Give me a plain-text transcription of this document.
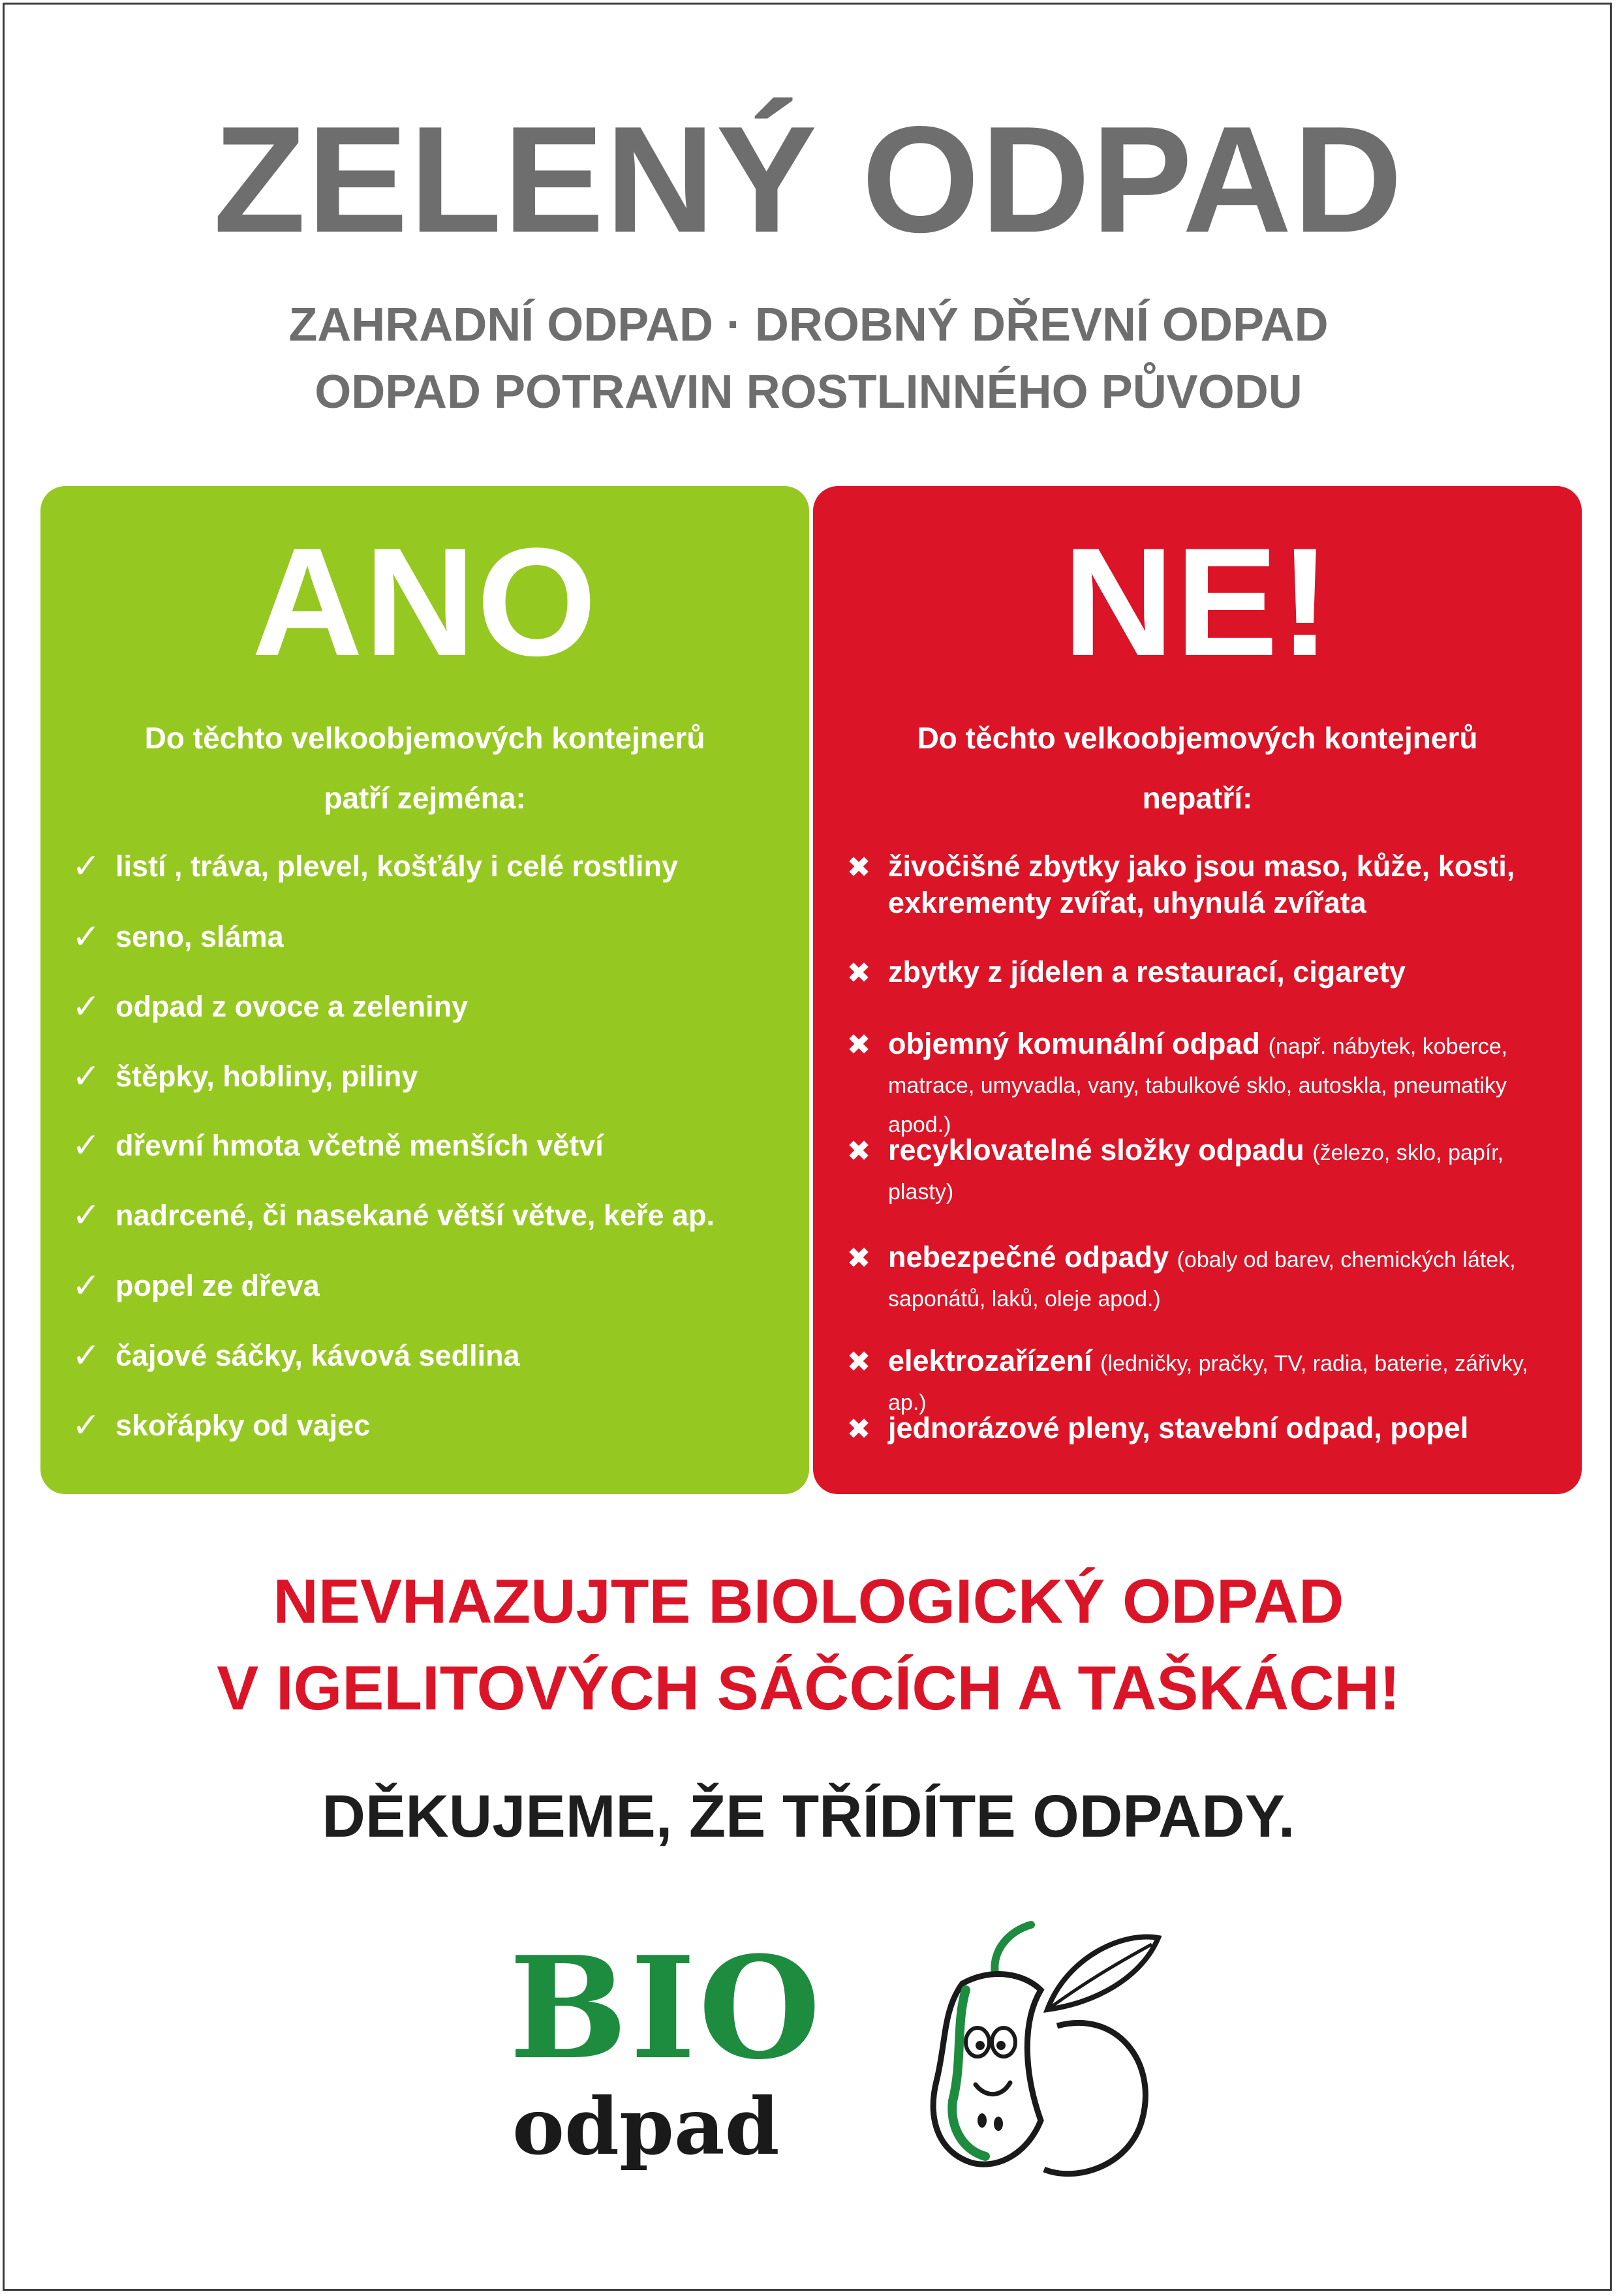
ZELENÝ ODPAD
ZAHRADNÍ ODPAD · DROBNÝ DŘEVNÍ ODPAD
ODPAD POTRAVIN ROSTLINNÉHO PŮVODU
ANO
Do těchto velkoobjemových kontejnerů
patří zejména:
✓ listí , tráva, plevel, košťály i celé rostliny
✓ seno, sláma
✓ odpad z ovoce a zeleniny
✓ štěpky, hobliny, piliny
✓ dřevní hmota včetně menších větví
✓ nadrcené, či nasekané větší větve, keře ap.
✓ popel ze dřeva
✓ čajové sáčky, kávová sedlina
✓ skořápky od vajec
NE!
Do těchto velkoobjemových kontejnerů
nepatří:
✖ živočišné zbytky jako jsou maso, kůže, kosti, exkrementy zvířat, uhynulá zvířata
✖ zbytky z jídelen a restaurací, cigarety
✖ objemný komunální odpad (např. nábytek, koberce, matrace, umyvadla, vany, tabulkové sklo, autoskla, pneumatiky apod.)
✖ recyklovatelné složky odpadu (železo, sklo, papír, plasty)
✖ nebezpečné odpady (obaly od barev, chemických látek, saponátů, laků, oleje apod.)
✖ elektrozařízení (ledničky, pračky, TV, radia, baterie, zářivky, ap.)
✖ jednorázové pleny, stavební odpad, popel
NEVHAZUJTE BIOLOGICKÝ ODPAD
V IGELITOVÝCH SÁČCÍCH A TAŠKÁCH!
DĚKUJEME, ŽE TŘÍDÍTE ODPADY.
BIO
odpad
